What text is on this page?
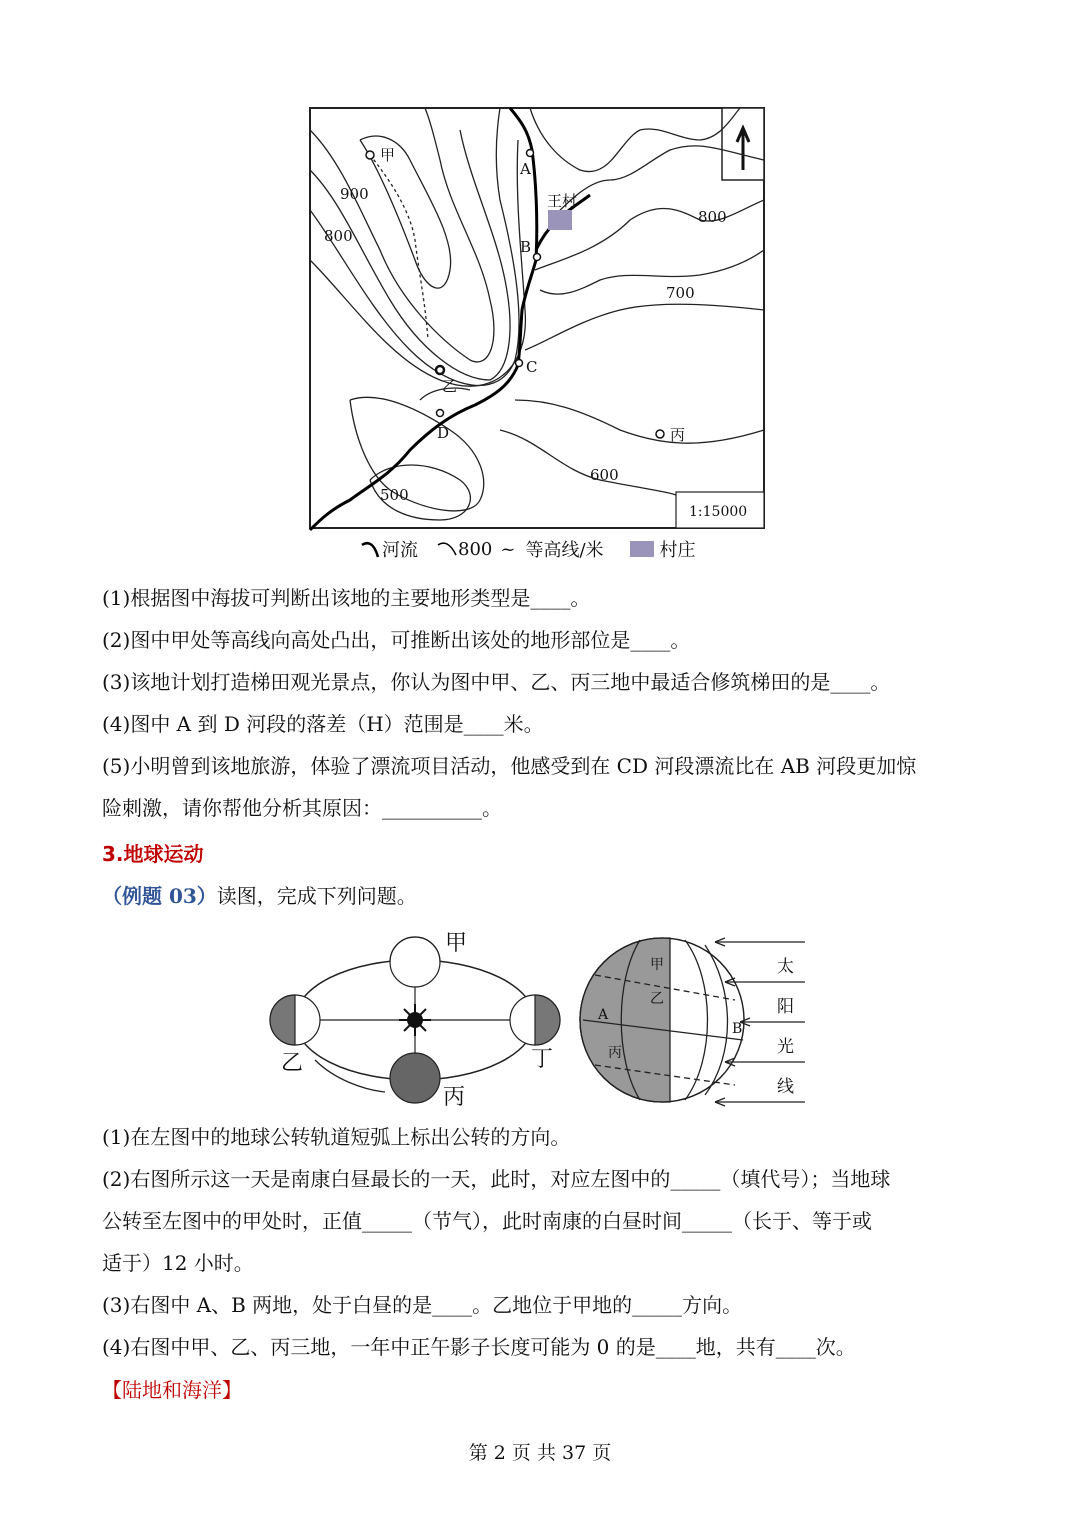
甲
A
B
C
D
乙
丙
王村
900
800
800
700
600
500
1:15000
河流 800 ~ 等高线/米	村庄
(1)根据图中海拔可判断出该地的主要地形类型是____。
(2)图中甲处等高线向高处凸出，可推断出该处的地形部位是____。
(3)该地计划打造梯田观光景点，你认为图中甲、乙、丙三地中最适合修筑梯田的是____。
(4)图中 A 到 D 河段的落差（H）范围是____米。
(5)小明曾到该地旅游，体验了漂流项目活动，他感受到在 CD 河段漂流比在 AB 河段更加惊
险刺激，请你帮他分析其原因：__________。
3.地球运动
（例题 03）读图，完成下列问题。
甲
乙
丙
丁
甲
乙
丙
A
B
太
阳
光
线
(1)在左图中的地球公转轨道短弧上标出公转的方向。
(2)右图所示这一天是南康白昼最长的一天，此时，对应左图中的_____（填代号）；当地球
公转至左图中的甲处时，正值_____（节气），此时南康的白昼时间_____（长于、等于或
适于）12 小时。
(3)右图中 A、B 两地，处于白昼的是____。乙地位于甲地的_____方向。
(4)右图中甲、乙、丙三地，一年中正午影子长度可能为 0 的是____地，共有____次。
【陆地和海洋】
第 2 页 共 37 页
